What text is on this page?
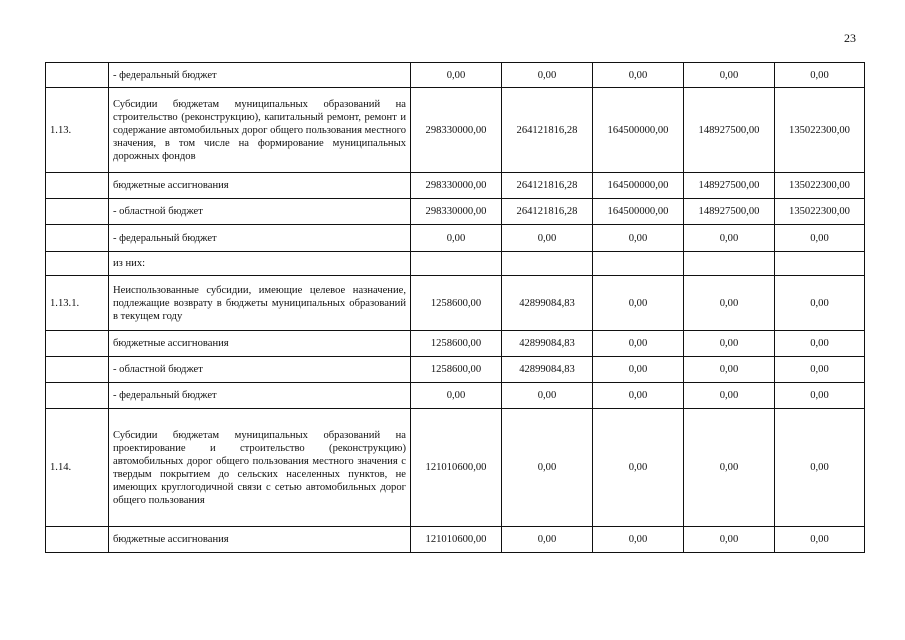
23
	- федеральный бюджет	0,00	0,00	0,00	0,00	0,00
1.13.	Субсидии бюджетам муниципальных образований на строительство (реконструкцию), капитальный ремонт, ремонт и содержание автомобильных дорог общего пользования местного значения, в том числе на формирование муниципальных дорожных фондов	298330000,00	264121816,28	164500000,00	148927500,00	135022300,00
	бюджетные ассигнования	298330000,00	264121816,28	164500000,00	148927500,00	135022300,00
	- областной бюджет	298330000,00	264121816,28	164500000,00	148927500,00	135022300,00
	- федеральный бюджет	0,00	0,00	0,00	0,00	0,00
	из них:					
1.13.1.	Неиспользованные субсидии, имеющие целевое назначение, подлежащие возврату в бюджеты муниципальных образований в текущем году	1258600,00	42899084,83	0,00	0,00	0,00
	бюджетные ассигнования	1258600,00	42899084,83	0,00	0,00	0,00
	- областной бюджет	1258600,00	42899084,83	0,00	0,00	0,00
	- федеральный бюджет	0,00	0,00	0,00	0,00	0,00
1.14.	Субсидии бюджетам муниципальных образований на проектирование и строительство (реконструкцию) автомобильных дорог общего пользования местного значения с твердым покрытием до сельских населенных пунктов, не имеющих круглогодичной связи с сетью автомобильных дорог общего пользования	121010600,00	0,00	0,00	0,00	0,00
	бюджетные ассигнования	121010600,00	0,00	0,00	0,00	0,00
